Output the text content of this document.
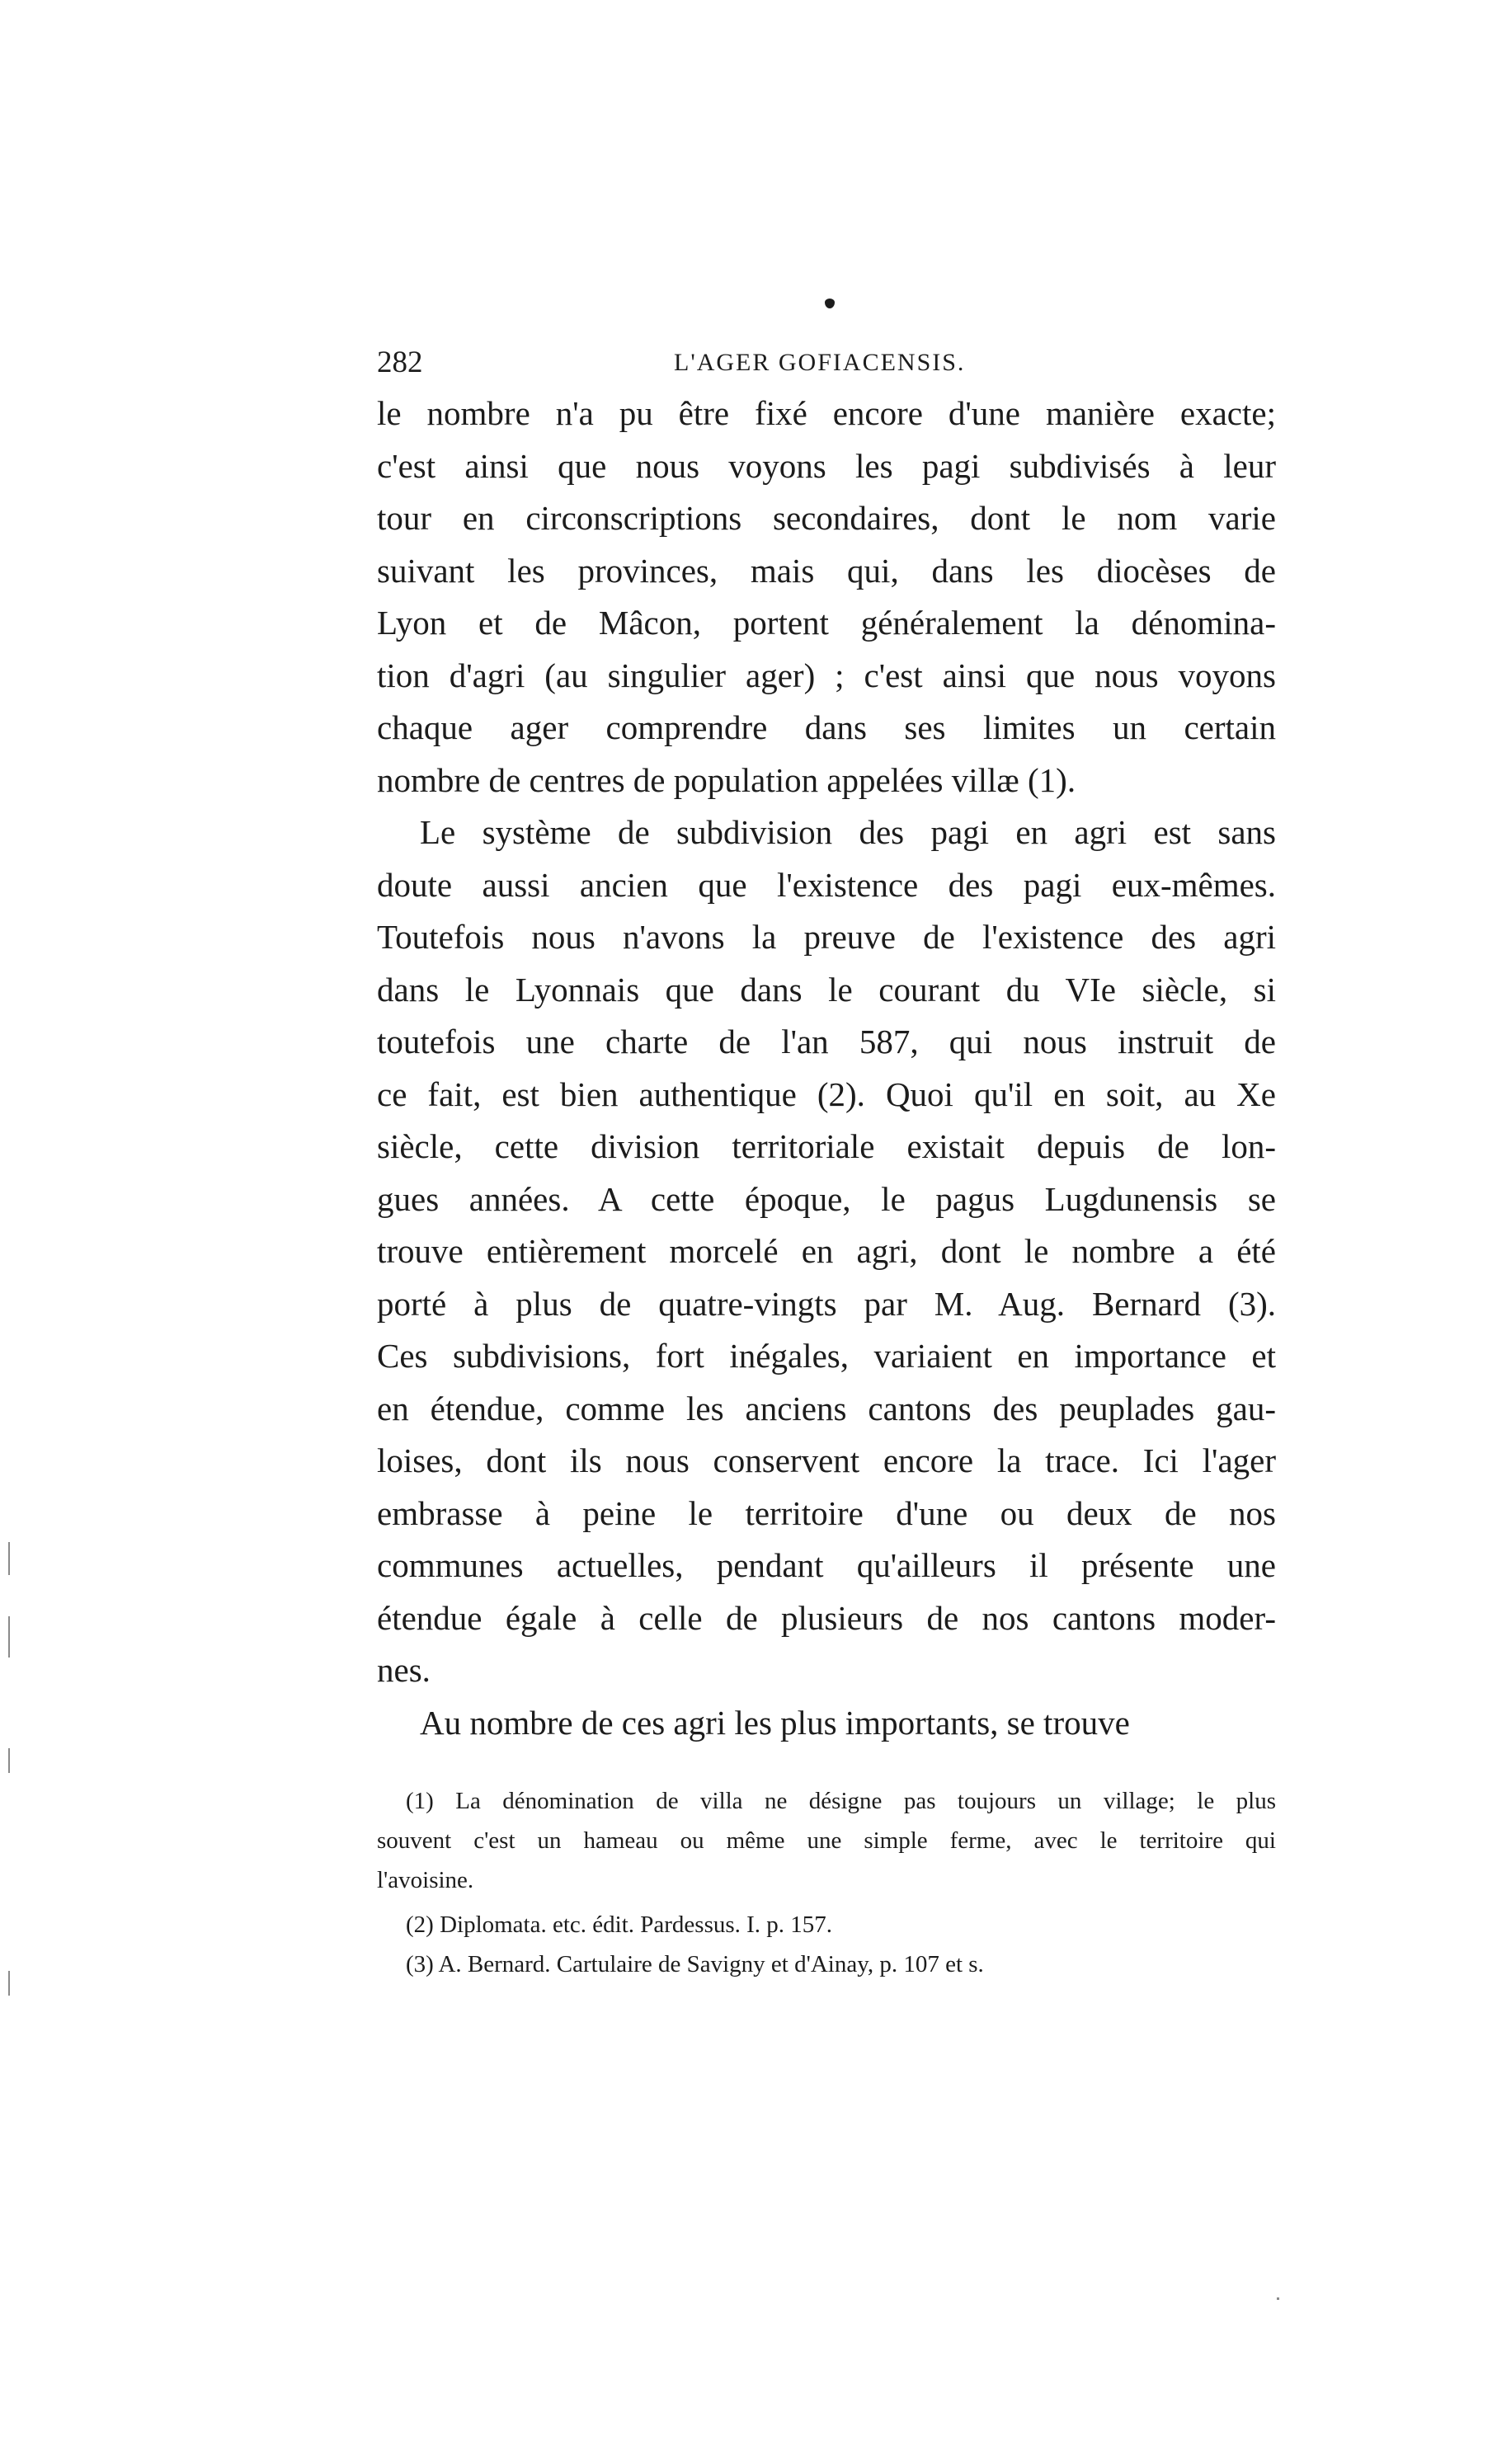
282	L'AGER GOFIACENSIS.

le nombre n'a pu être fixé encore d'une manière exacte;
c'est ainsi que nous voyons les pagi subdivisés à leur
tour en circonscriptions secondaires, dont le nom varie
suivant les provinces, mais qui, dans les diocèses de
Lyon et de Mâcon, portent généralement la dénomina-
tion d'agri (au singulier ager) ; c'est ainsi que nous voyons
chaque ager comprendre dans ses limites un certain
nombre de centres de population appelées villæ (1).

Le système de subdivision des pagi en agri est sans
doute aussi ancien que l'existence des pagi eux-mêmes.
Toutefois nous n'avons la preuve de l'existence des agri
dans le Lyonnais que dans le courant du VIe siècle, si
toutefois une charte de l'an 587, qui nous instruit de
ce fait, est bien authentique (2). Quoi qu'il en soit, au Xe
siècle, cette division territoriale existait depuis de lon-
gues années. A cette époque, le pagus Lugdunensis se
trouve entièrement morcelé en agri, dont le nombre a été
porté à plus de quatre-vingts par M. Aug. Bernard (3).
Ces subdivisions, fort inégales, variaient en importance et
en étendue, comme les anciens cantons des peuplades gau-
loises, dont ils nous conservent encore la trace. Ici l'ager
embrasse à peine le territoire d'une ou deux de nos
communes actuelles, pendant qu'ailleurs il présente une
étendue égale à celle de plusieurs de nos cantons moder-
nes.

Au nombre de ces agri les plus importants, se trouve

(1) La dénomination de villa ne désigne pas toujours un village; le plus
souvent c'est un hameau ou même une simple ferme, avec le territoire qui
l'avoisine.

(2) Diplomata. etc. édit. Pardessus. I. p. 157.

(3) A. Bernard. Cartulaire de Savigny et d'Ainay, p. 107 et s.
